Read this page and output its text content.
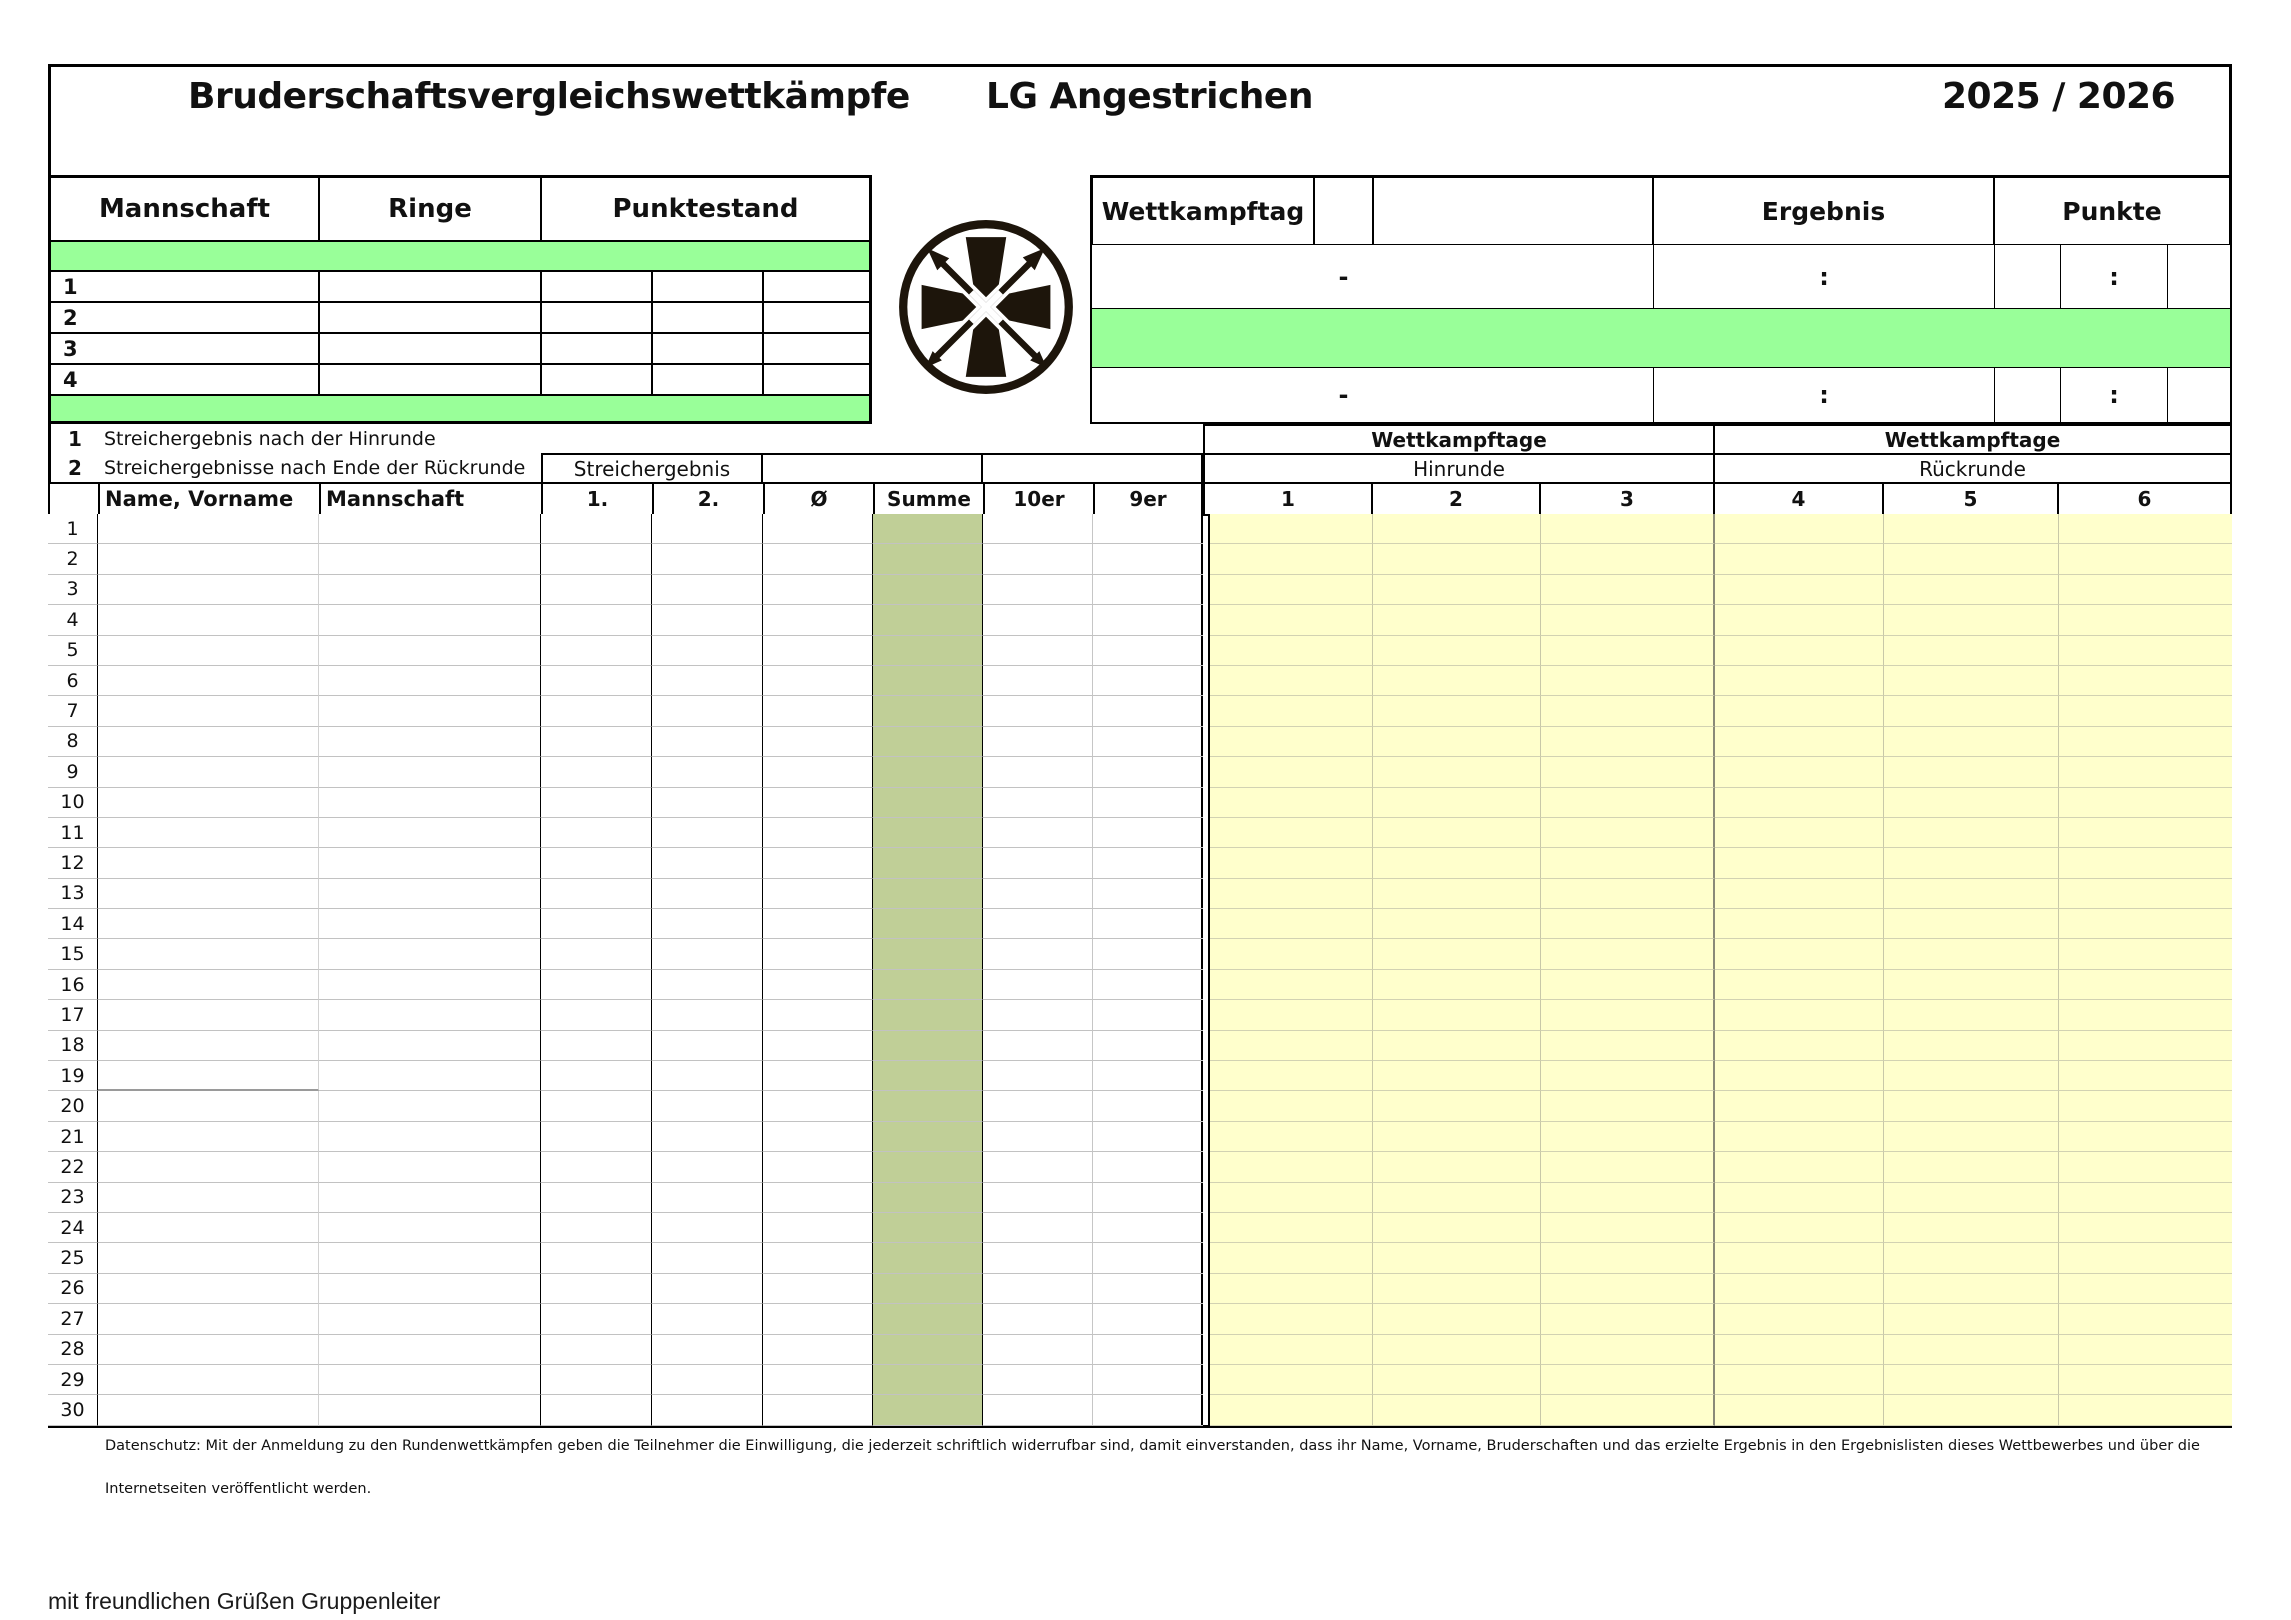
Bruderschaftsvergleichswettkämpfe LG Angestrichen	2025 / 2026
Mannschaft	Ringe	Punktestand
1
2
3
4
Wettkampftag	Ergebnis	Punkte
-	:	:
-	:	:
1 Streichergebnis nach der Hinrunde
2 Streichergebnisse nach Ende der Rückrunde	Streichergebnis
Wettkampftage	Wettkampftage
Hinrunde	Rückrunde
Name, Vorname	Mannschaft	1.	2.	Ø	Summe	10er	9er	1	2	3	4	5	6
1
2
3
4
5
6
7
8
9
10
11
12
13
14
15
16
17
18
19
20
21
22
23
24
25
26
27
28
29
30
Datenschutz: Mit der Anmeldung zu den Rundenwettkämpfen geben die Teilnehmer die Einwilligung, die jederzeit schriftlich widerrufbar sind, damit einverstanden, dass ihr Name, Vorname, Bruderschaften und das erzielte Ergebnis in den Ergebnislisten dieses Wettbewerbes und über die
Internetseiten veröffentlicht werden.
mit freundlichen Grüßen Gruppenleiter
